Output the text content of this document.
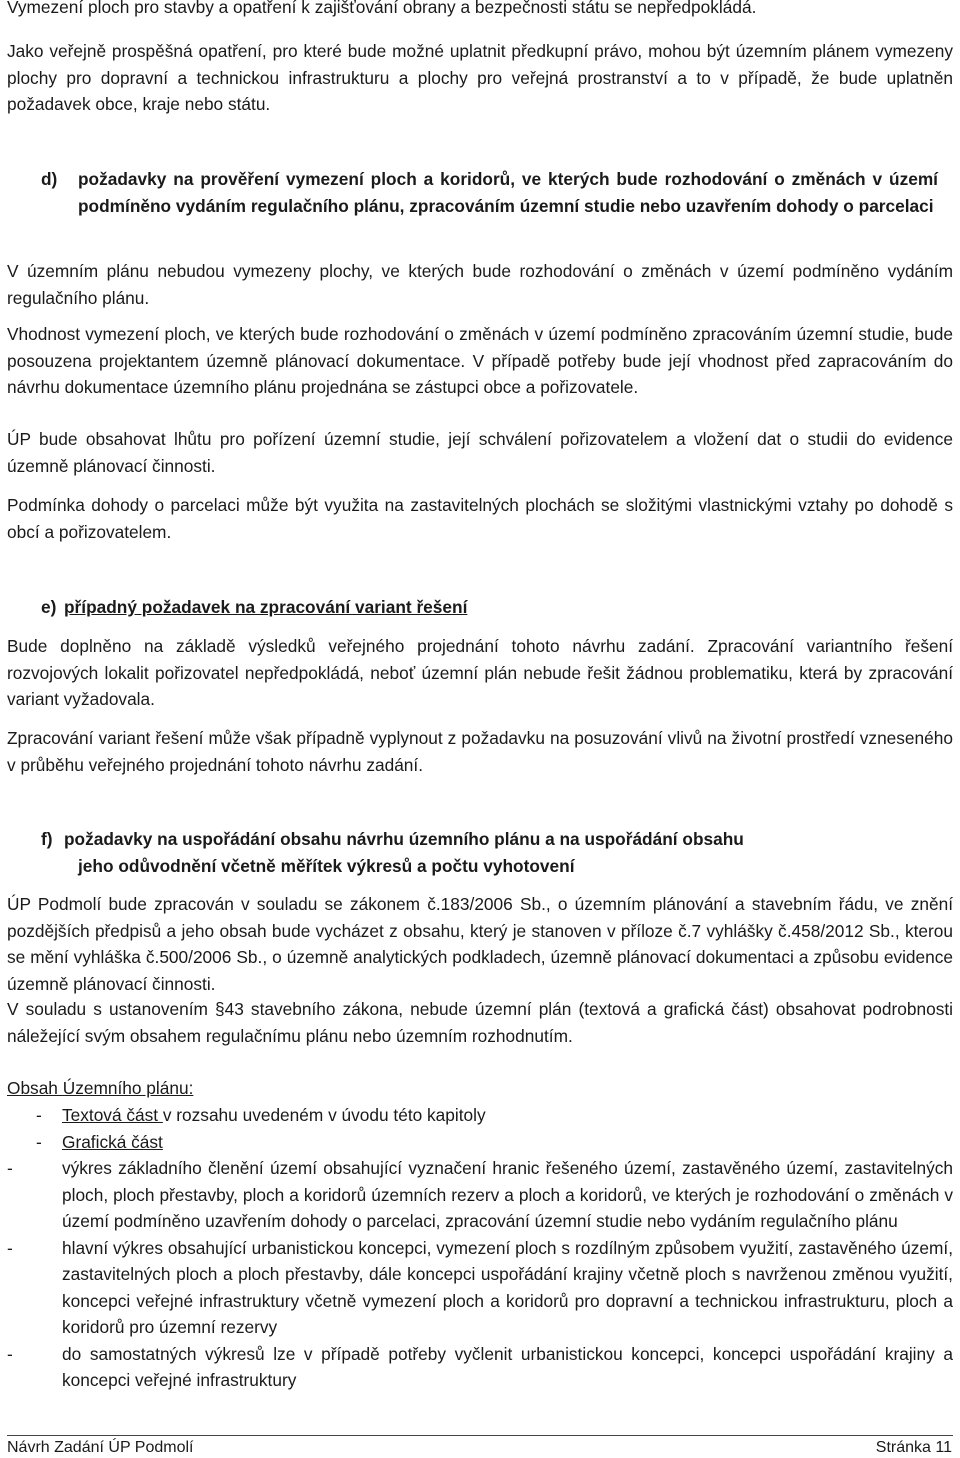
Vymezení ploch pro stavby a opatření k zajišťování obrany a bezpečnosti státu se nepředpokládá.

Jako veřejně prospěšná opatření, pro které bude možné uplatnit předkupní právo, mohou být územním plánem vymezeny plochy pro dopravní a technickou infrastrukturu a plochy pro veřejná prostranství a to v případě, že bude uplatněn požadavek obce, kraje nebo státu.

d) požadavky na prověření vymezení ploch a koridorů, ve kterých bude rozhodování o změnách v území podmíněno vydáním regulačního plánu, zpracováním územní studie nebo uzavřením dohody o parcelaci

V územním plánu nebudou vymezeny plochy, ve kterých bude rozhodování o změnách v území podmíněno vydáním regulačního plánu.

Vhodnost vymezení ploch, ve kterých bude rozhodování o změnách v území podmíněno zpracováním územní studie, bude posouzena projektantem územně plánovací dokumentace. V případě potřeby bude její vhodnost před zapracováním do návrhu dokumentace územního plánu projednána se zástupci obce a pořizovatele.

ÚP bude obsahovat lhůtu pro pořízení územní studie, její schválení pořizovatelem a vložení dat o studii do evidence územně plánovací činnosti.

Podmínka dohody o parcelaci může být využita na zastavitelných plochách se složitými vlastnickými vztahy po dohodě s obcí a pořizovatelem.

e) případný požadavek na zpracování variant řešení

Bude doplněno na základě výsledků veřejného projednání tohoto návrhu zadání. Zpracování variantního řešení rozvojových lokalit pořizovatel nepředpokládá, neboť územní plán nebude řešit žádnou problematiku, která by zpracování variant vyžadovala.

Zpracování variant řešení může však případně vyplynout z požadavku na posuzování vlivů na životní prostředí vzneseného v průběhu veřejného projednání tohoto návrhu zadání.

f) požadavky na uspořádání obsahu návrhu územního plánu a na uspořádání obsahu
jeho odůvodnění včetně měřítek výkresů a počtu vyhotovení

ÚP Podmolí bude zpracován v souladu se zákonem č.183/2006 Sb., o územním plánování a stavebním řádu, ve znění pozdějších předpisů a jeho obsah bude vycházet z obsahu, který je stanoven v příloze č.7 vyhlášky č.458/2012 Sb., kterou se mění vyhláška č.500/2006 Sb., o územně analytických podkladech, územně plánovací dokumentaci a způsobu evidence územně plánovací činnosti.

V souladu s ustanovením §43 stavebního zákona, nebude územní plán (textová a grafická část) obsahovat podrobnosti náležející svým obsahem regulačnímu plánu nebo územním rozhodnutím.

Obsah Územního plánu:

- Textová část v rozsahu uvedeném v úvodu této kapitoly
- Grafická část
-	výkres základního členění území obsahující vyznačení hranic řešeného území, zastavěného území, zastavitelných ploch, ploch přestavby, ploch a koridorů územních rezerv a ploch a koridorů, ve kterých je rozhodování o změnách v území podmíněno uzavřením dohody o parcelaci, zpracování územní studie nebo vydáním regulačního plánu
-	hlavní výkres obsahující urbanistickou koncepci, vymezení ploch s rozdílným způsobem využití, zastavěného území, zastavitelných ploch a ploch přestavby, dále koncepci uspořádání krajiny včetně ploch s navrženou změnou využití, koncepci veřejné infrastruktury včetně vymezení ploch a koridorů pro dopravní a technickou infrastrukturu, ploch a koridorů pro územní rezervy
-	do samostatných výkresů lze v případě potřeby vyčlenit urbanistickou koncepci, koncepci uspořádání krajiny a koncepci veřejné infrastruktury
Návrh Zadání ÚP Podmolí	Stránka 11
